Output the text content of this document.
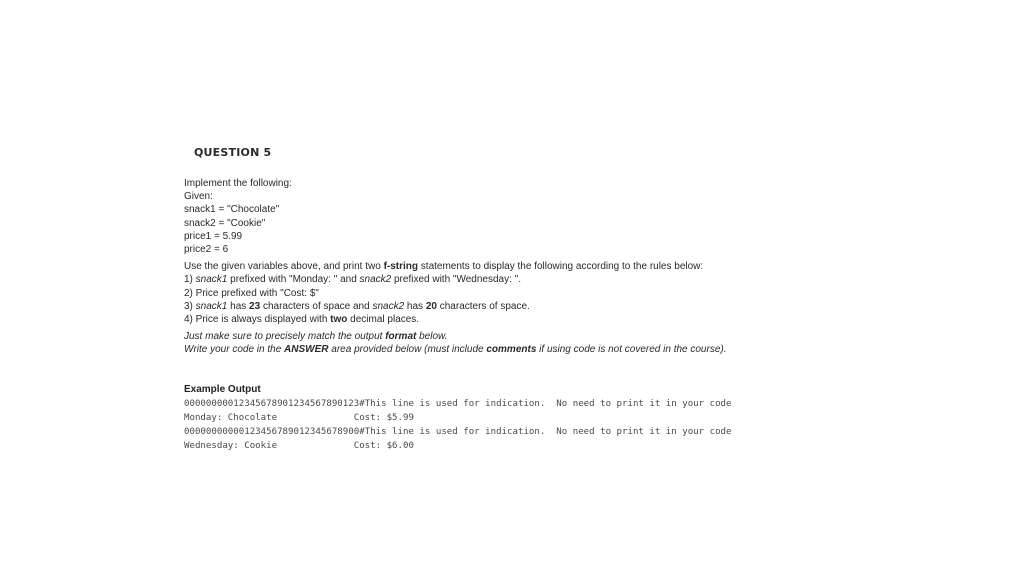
QUESTION 5
Implement the following:
Given:
snack1 = "Chocolate"
snack2 = "Cookie"
price1 = 5.99
price2 = 6
Use the given variables above, and print two f-string statements to display the following according to the rules below:
1) snack1 prefixed with "Monday: " and snack2 prefixed with "Wednesday: ".
2) Price prefixed with "Cost: $"
3) snack1 has 23 characters of space and snack2 has 20 characters of space.
4) Price is always displayed with two decimal places.
Just make sure to precisely match the output format below.
Write your code in the ANSWER area provided below (must include comments if using code is not covered in the course).
Example Output
00000000012345678901234567890123#This line is used for indication.  No need to print it in your code
Monday: Chocolate              Cost: $5.99
00000000000123456789012345678900#This line is used for indication.  No need to print it in your code
Wednesday: Cookie              Cost: $6.00
